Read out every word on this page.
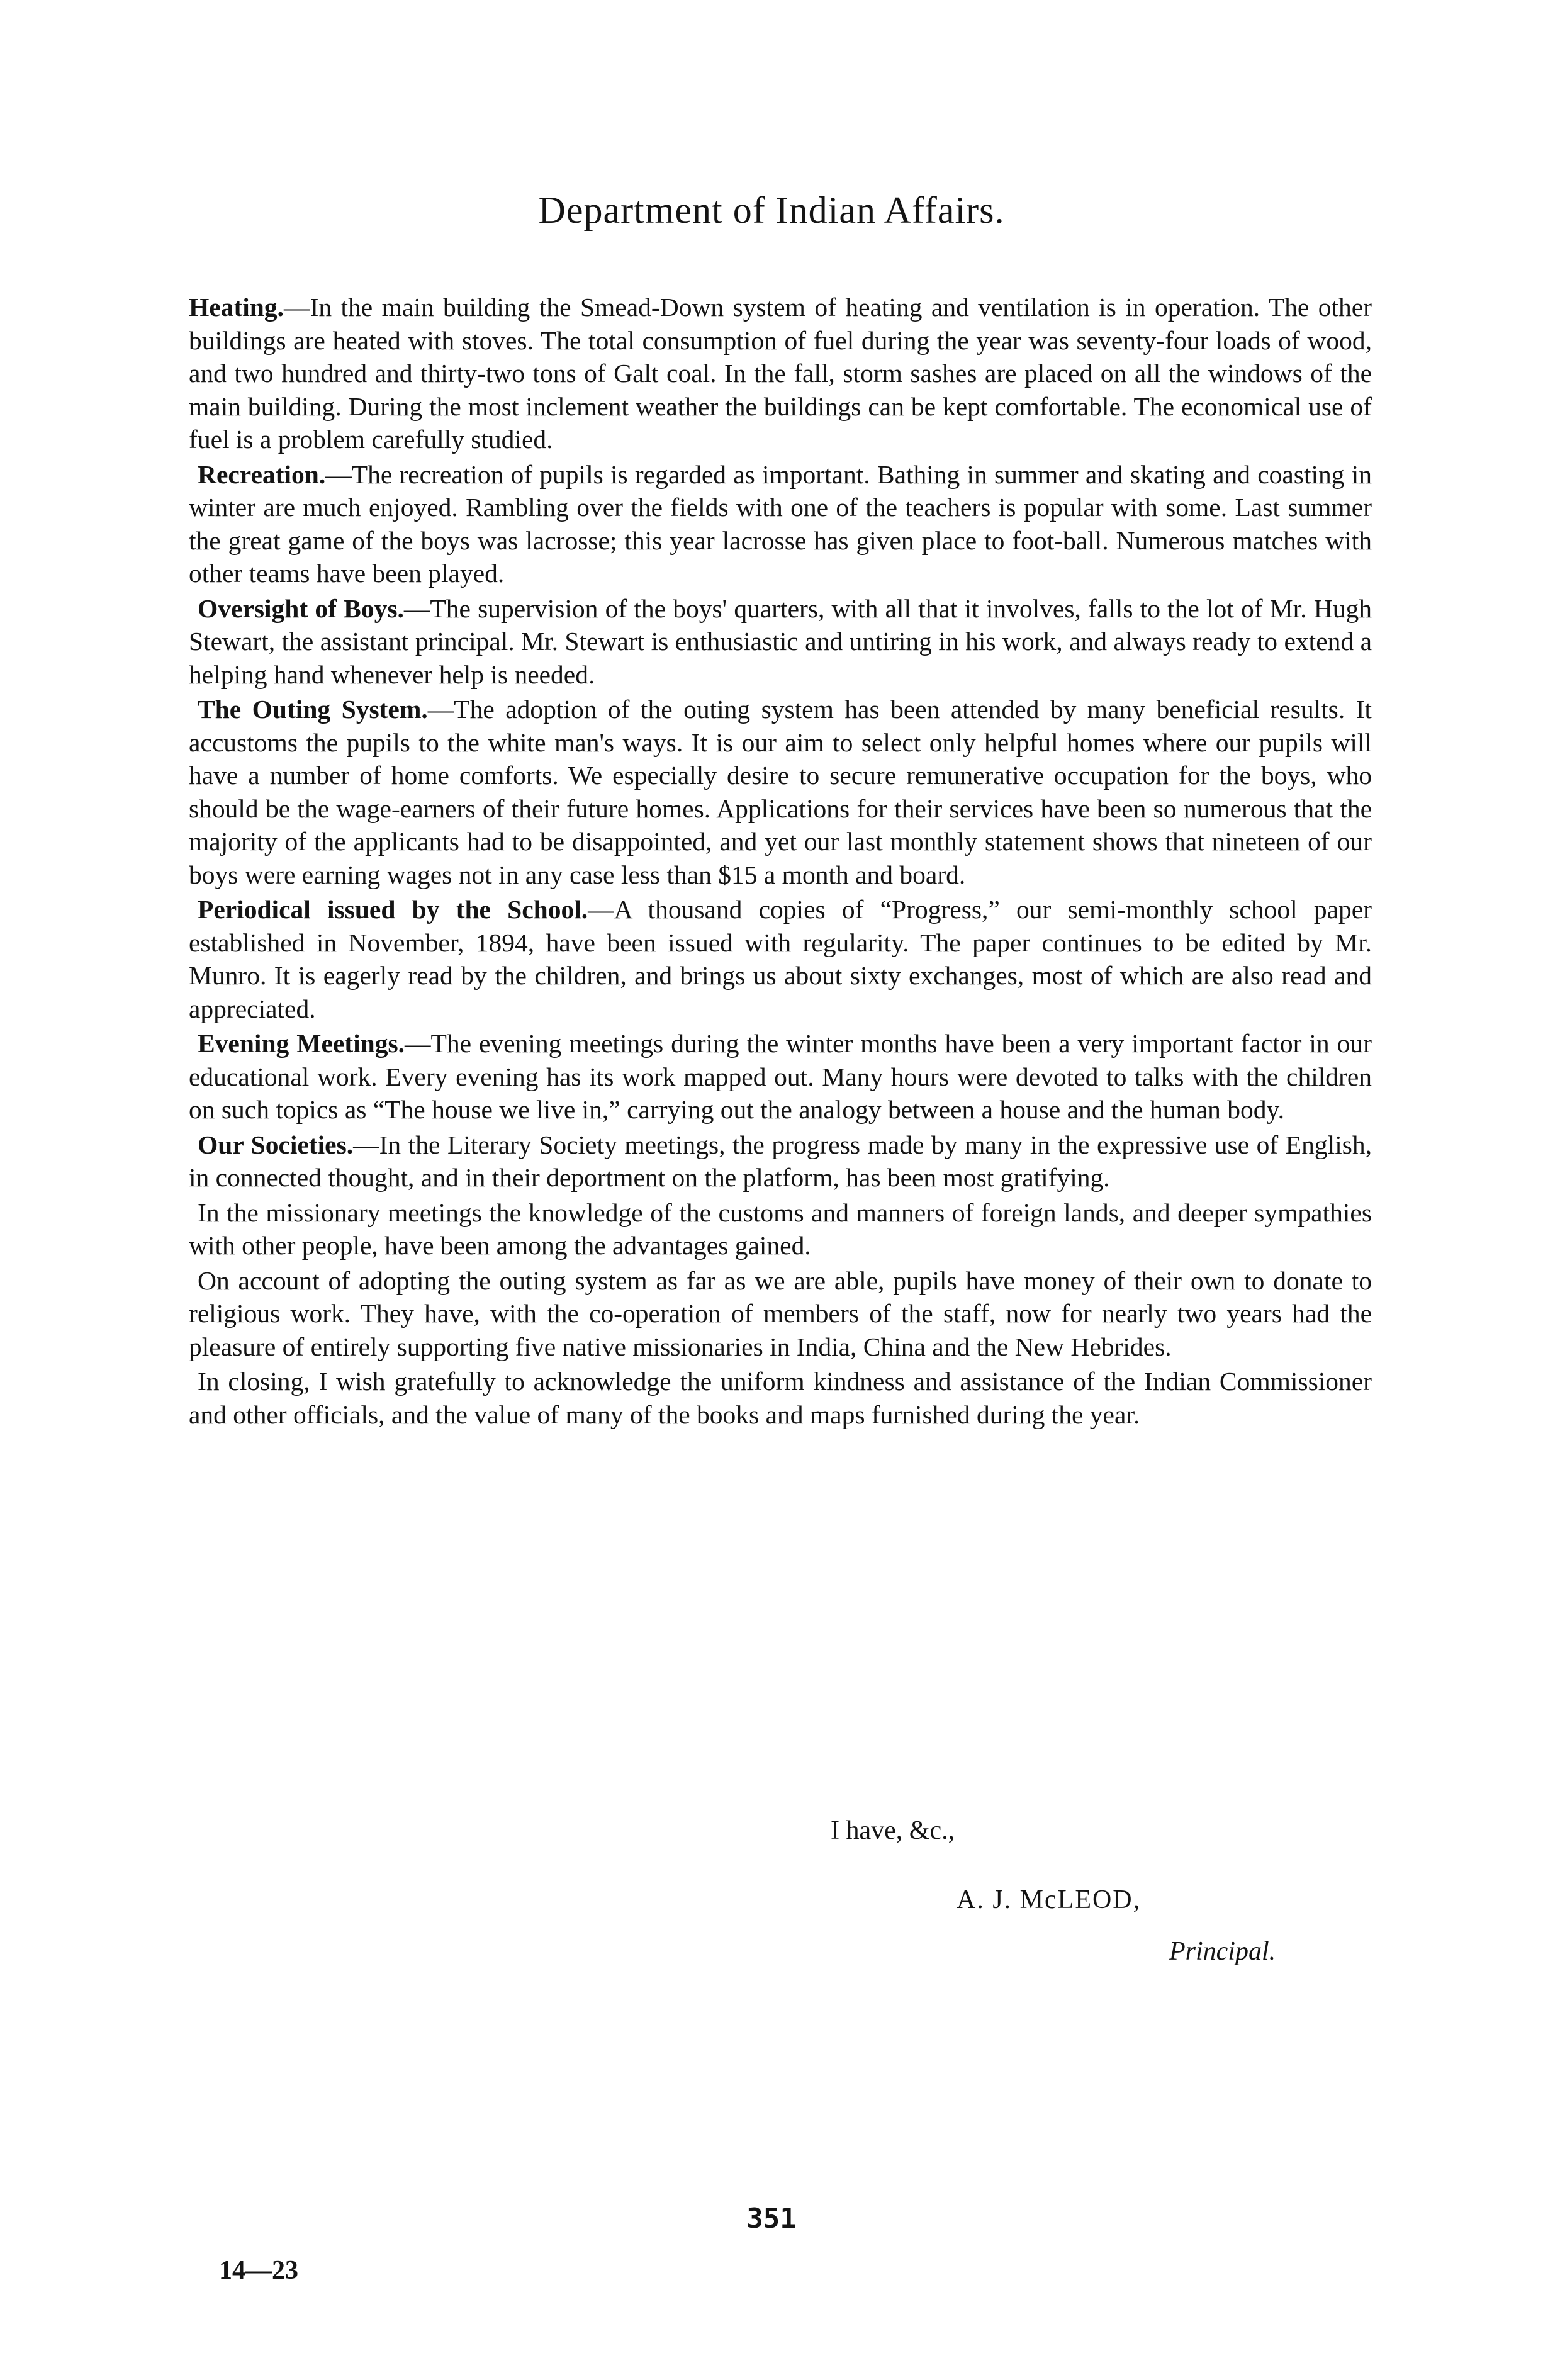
Department of Indian Affairs.

Heating.—In the main building the Smead-Down system of heating and ventilation is in operation. The other buildings are heated with stoves. The total consumption of fuel during the year was seventy-four loads of wood, and two hundred and thirty-two tons of Galt coal. In the fall, storm sashes are placed on all the windows of the main building. During the most inclement weather the buildings can be kept comfortable. The economical use of fuel is a problem carefully studied.

Recreation.—The recreation of pupils is regarded as important. Bathing in summer and skating and coasting in winter are much enjoyed. Rambling over the fields with one of the teachers is popular with some. Last summer the great game of the boys was lacrosse; this year lacrosse has given place to foot-ball. Numerous matches with other teams have been played.

Oversight of Boys.—The supervision of the boys' quarters, with all that it involves, falls to the lot of Mr. Hugh Stewart, the assistant principal. Mr. Stewart is enthusiastic and untiring in his work, and always ready to extend a helping hand whenever help is needed.

The Outing System.—The adoption of the outing system has been attended by many beneficial results. It accustoms the pupils to the white man's ways. It is our aim to select only helpful homes where our pupils will have a number of home comforts. We especially desire to secure remunerative occupation for the boys, who should be the wage-earners of their future homes. Applications for their services have been so numerous that the majority of the applicants had to be disappointed, and yet our last monthly statement shows that nineteen of our boys were earning wages not in any case less than $15 a month and board.

Periodical issued by the School.—A thousand copies of “Progress,” our semi-monthly school paper established in November, 1894, have been issued with regularity. The paper continues to be edited by Mr. Munro. It is eagerly read by the children, and brings us about sixty exchanges, most of which are also read and appreciated.

Evening Meetings.—The evening meetings during the winter months have been a very important factor in our educational work. Every evening has its work mapped out. Many hours were devoted to talks with the children on such topics as “The house we live in,” carrying out the analogy between a house and the human body.

Our Societies.—In the Literary Society meetings, the progress made by many in the expressive use of English, in connected thought, and in their deportment on the platform, has been most gratifying.

In the missionary meetings the knowledge of the customs and manners of foreign lands, and deeper sympathies with other people, have been among the advantages gained.

On account of adopting the outing system as far as we are able, pupils have money of their own to donate to religious work. They have, with the co-operation of members of the staff, now for nearly two years had the pleasure of entirely supporting five native missionaries in India, China and the New Hebrides.

In closing, I wish gratefully to acknowledge the uniform kindness and assistance of the Indian Commissioner and other officials, and the value of many of the books and maps furnished during the year.

I have, &c.,
A. J. McLEOD,
Principal.
351
14—23
